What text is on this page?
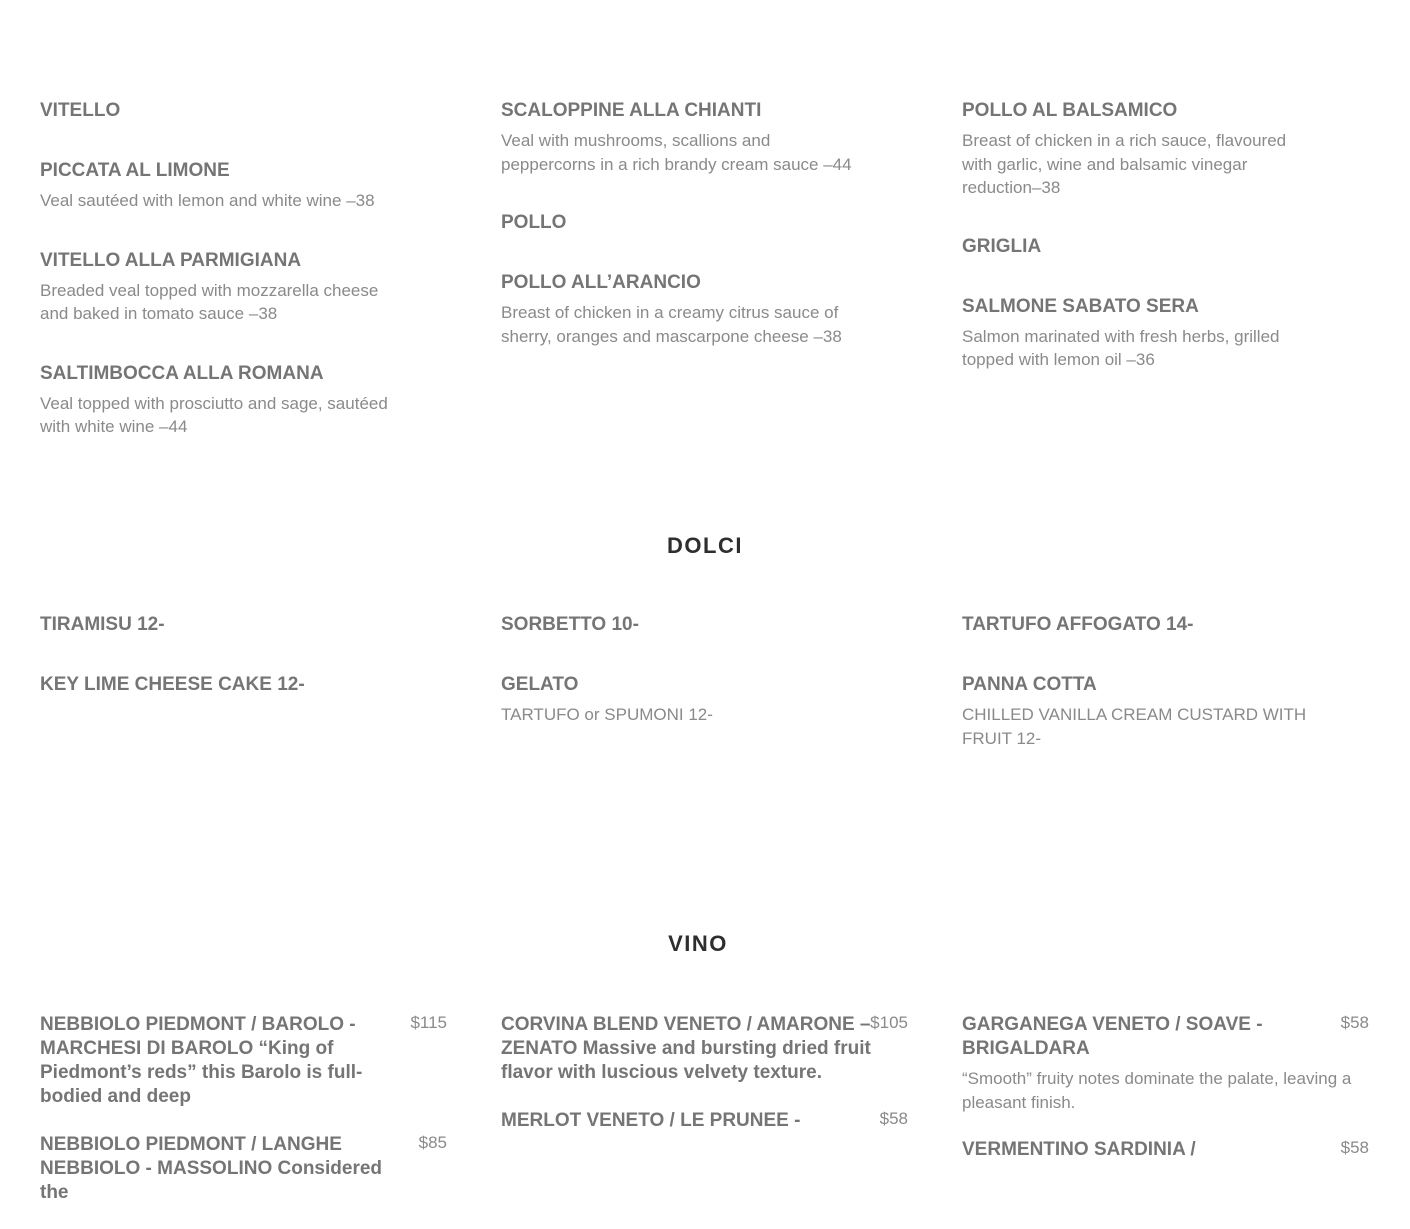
VITELLO
PICCATA AL LIMONE
Veal sautéed with lemon and white wine –38
VITELLO ALLA PARMIGIANA
Breaded veal topped with mozzarella cheese and baked in tomato sauce –38
SALTIMBOCCA ALLA ROMANA
Veal topped with prosciutto and sage, sautéed with white wine –44
SCALOPPINE ALLA CHIANTI
Veal with mushrooms, scallions and peppercorns in a rich brandy cream sauce –44
POLLO
POLLO ALL’ARANCIO
Breast of chicken in a creamy citrus sauce of sherry, oranges and mascarpone cheese –38
POLLO AL BALSAMICO
Breast of chicken in a rich sauce, flavoured with garlic, wine and balsamic vinegar reduction–38
GRIGLIA
SALMONE SABATO SERA
Salmon marinated with fresh herbs, grilled topped with lemon oil –36
DOLCI
TIRAMISU 12-
KEY LIME CHEESE CAKE 12-
SORBETTO 10-
GELATO
TARTUFO or SPUMONI 12-
TARTUFO AFFOGATO 14-
PANNA COTTA
CHILLED VANILLA CREAM CUSTARD WITH FRUIT 12-
VINO
NEBBIOLO PIEDMONT / BAROLO - MARCHESI DI BAROLO “King of Piedmont’s reds” this Barolo is full-bodied and deep
$115
NEBBIOLO PIEDMONT / LANGHE NEBBIOLO - MASSOLINO Considered the
$85
CORVINA BLEND VENETO / AMARONE – ZENATO Massive and bursting dried fruit flavor with luscious velvety texture.
$105
MERLOT VENETO / LE PRUNEE -	$58
GARGANEGA VENETO / SOAVE - BRIGALDARA
$58
“Smooth” fruity notes dominate the palate, leaving a pleasant finish.
VERMENTINO SARDINIA /	$58
